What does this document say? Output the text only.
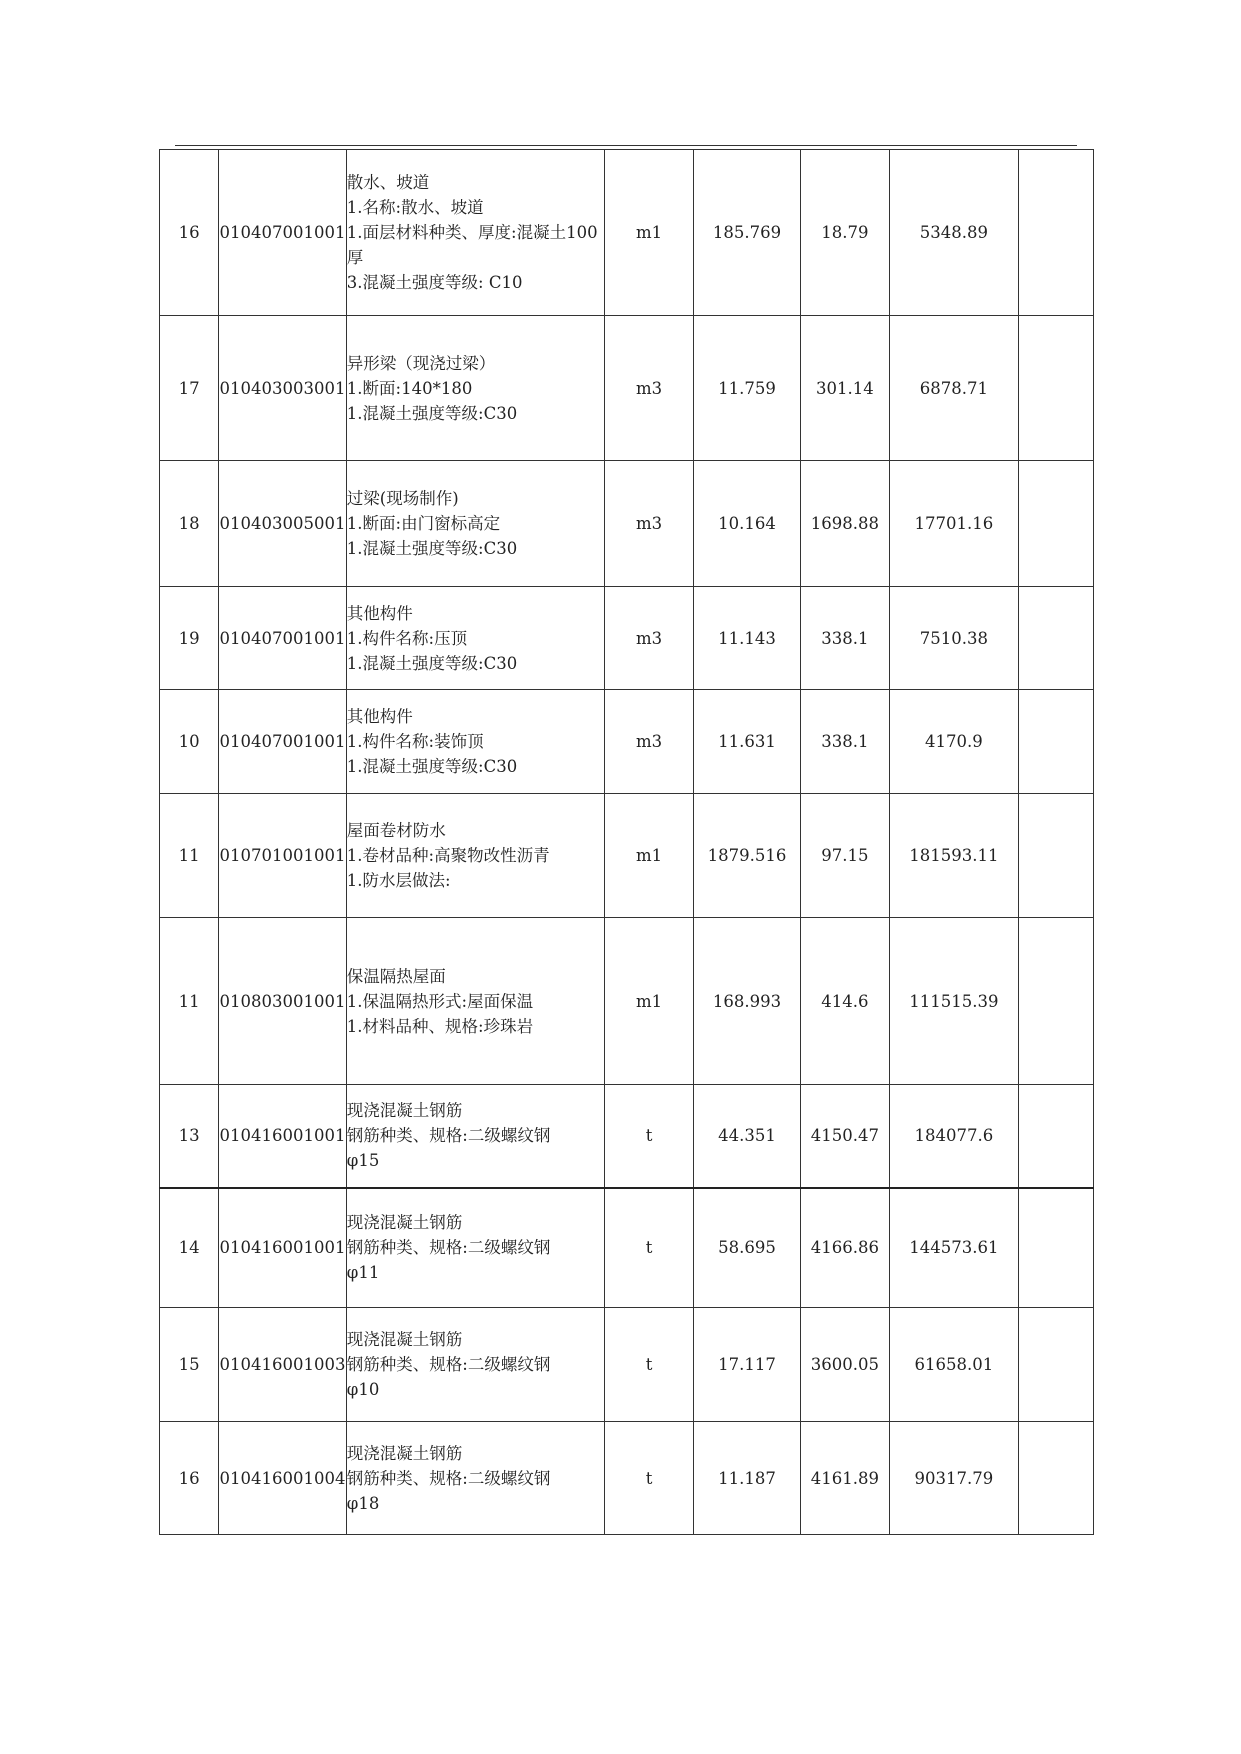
16	010407001001	散水、坡道
1.名称:散水、坡道
1.面层材料种类、厚度:混凝土100厚
3.混凝土强度等级: C10	m1	185.769	18.79	5348.89	
17	010403003001	异形梁（现浇过梁）
1.断面:140*180
1.混凝土强度等级:C30	m3	11.759	301.14	6878.71	
18	010403005001	过梁(现场制作)
1.断面:由门窗标高定
1.混凝土强度等级:C30	m3	10.164	1698.88	17701.16	
19	010407001001	其他构件
1.构件名称:压顶
1.混凝土强度等级:C30	m3	11.143	338.1	7510.38	
10	010407001001	其他构件
1.构件名称:装饰顶
1.混凝土强度等级:C30	m3	11.631	338.1	4170.9	
11	010701001001	屋面卷材防水
1.卷材品种:高聚物改性沥青
1.防水层做法:	m1	1879.516	97.15	181593.11	
11	010803001001	保温隔热屋面
1.保温隔热形式:屋面保温
1.材料品种、规格:珍珠岩	m1	168.993	414.6	111515.39	
13	010416001001	现浇混凝土钢筋
钢筋种类、规格:二级螺纹钢
φ15	t	44.351	4150.47	184077.6	
14	010416001001	现浇混凝土钢筋
钢筋种类、规格:二级螺纹钢
φ11	t	58.695	4166.86	144573.61	
15	010416001003	现浇混凝土钢筋
钢筋种类、规格:二级螺纹钢
φ10	t	17.117	3600.05	61658.01	
16	010416001004	现浇混凝土钢筋
钢筋种类、规格:二级螺纹钢
φ18	t	11.187	4161.89	90317.79	
